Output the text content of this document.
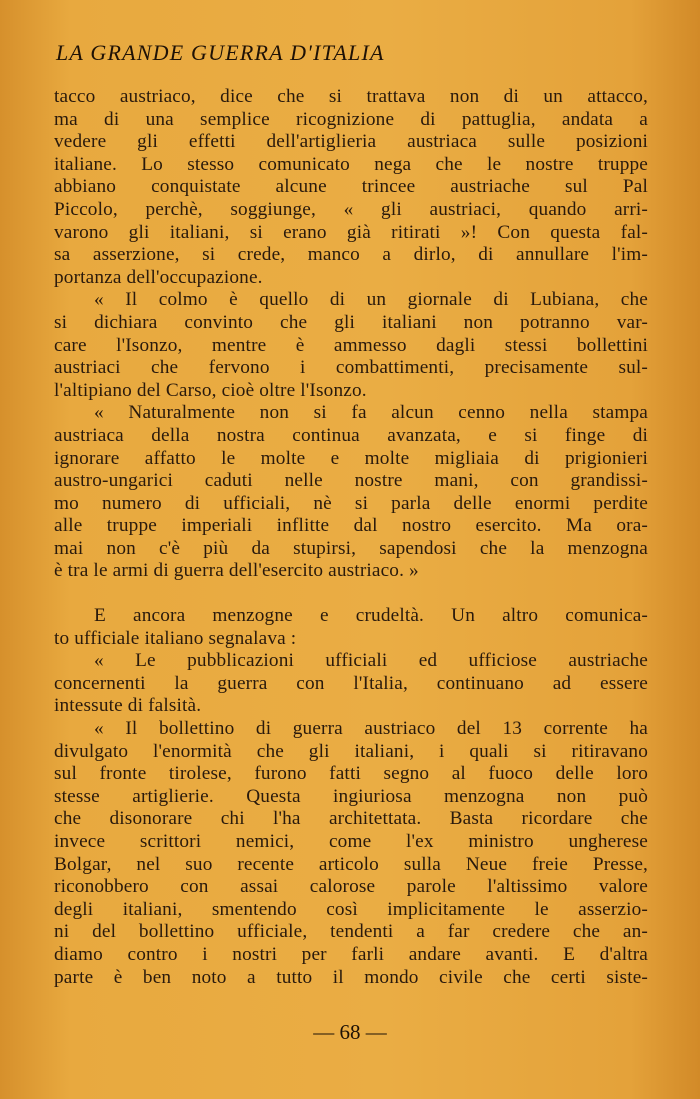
LA GRANDE GUERRA D'ITALIA
tacco austriaco, dice che si trattava non di un attacco,
ma di una semplice ricognizione di pattuglia, andata a
vedere gli effetti dell'artiglieria austriaca sulle posizioni
italiane. Lo stesso comunicato nega che le nostre truppe
abbiano conquistate alcune trincee austriache sul Pal
Piccolo, perchè, soggiunge, « gli austriaci, quando arri-
varono gli italiani, si erano già ritirati »! Con questa fal-
sa asserzione, si crede, manco a dirlo, di annullare l'im-
portanza dell'occupazione.
« Il colmo è quello di un giornale di Lubiana, che
si dichiara convinto che gli italiani non potranno var-
care l'Isonzo, mentre è ammesso dagli stessi bollettini
austriaci che fervono i combattimenti, precisamente sul-
l'altipiano del Carso, cioè oltre l'Isonzo.
« Naturalmente non si fa alcun cenno nella stampa
austriaca della nostra continua avanzata, e si finge di
ignorare affatto le molte e molte migliaia di prigionieri
austro-ungarici caduti nelle nostre mani, con grandissi-
mo numero di ufficiali, nè si parla delle enormi perdite
alle truppe imperiali inflitte dal nostro esercito. Ma ora-
mai non c'è più da stupirsi, sapendosi che la menzogna
è tra le armi di guerra dell'esercito austriaco. »
E ancora menzogne e crudeltà. Un altro comunica-
to ufficiale italiano segnalava :
« Le pubblicazioni ufficiali ed ufficiose austriache
concernenti la guerra con l'Italia, continuano ad essere
intessute di falsità.
« Il bollettino di guerra austriaco del 13 corrente ha
divulgato l'enormità che gli italiani, i quali si ritiravano
sul fronte tirolese, furono fatti segno al fuoco delle loro
stesse artiglierie. Questa ingiuriosa menzogna non può
che disonorare chi l'ha architettata. Basta ricordare che
invece scrittori nemici, come l'ex ministro ungherese
Bolgar, nel suo recente articolo sulla Neue freie Presse,
riconobbero con assai calorose parole l'altissimo valore
degli italiani, smentendo così implicitamente le asserzio-
ni del bollettino ufficiale, tendenti a far credere che an-
diamo contro i nostri per farli andare avanti. E d'altra
parte è ben noto a tutto il mondo civile che certi siste-
— 68 —
